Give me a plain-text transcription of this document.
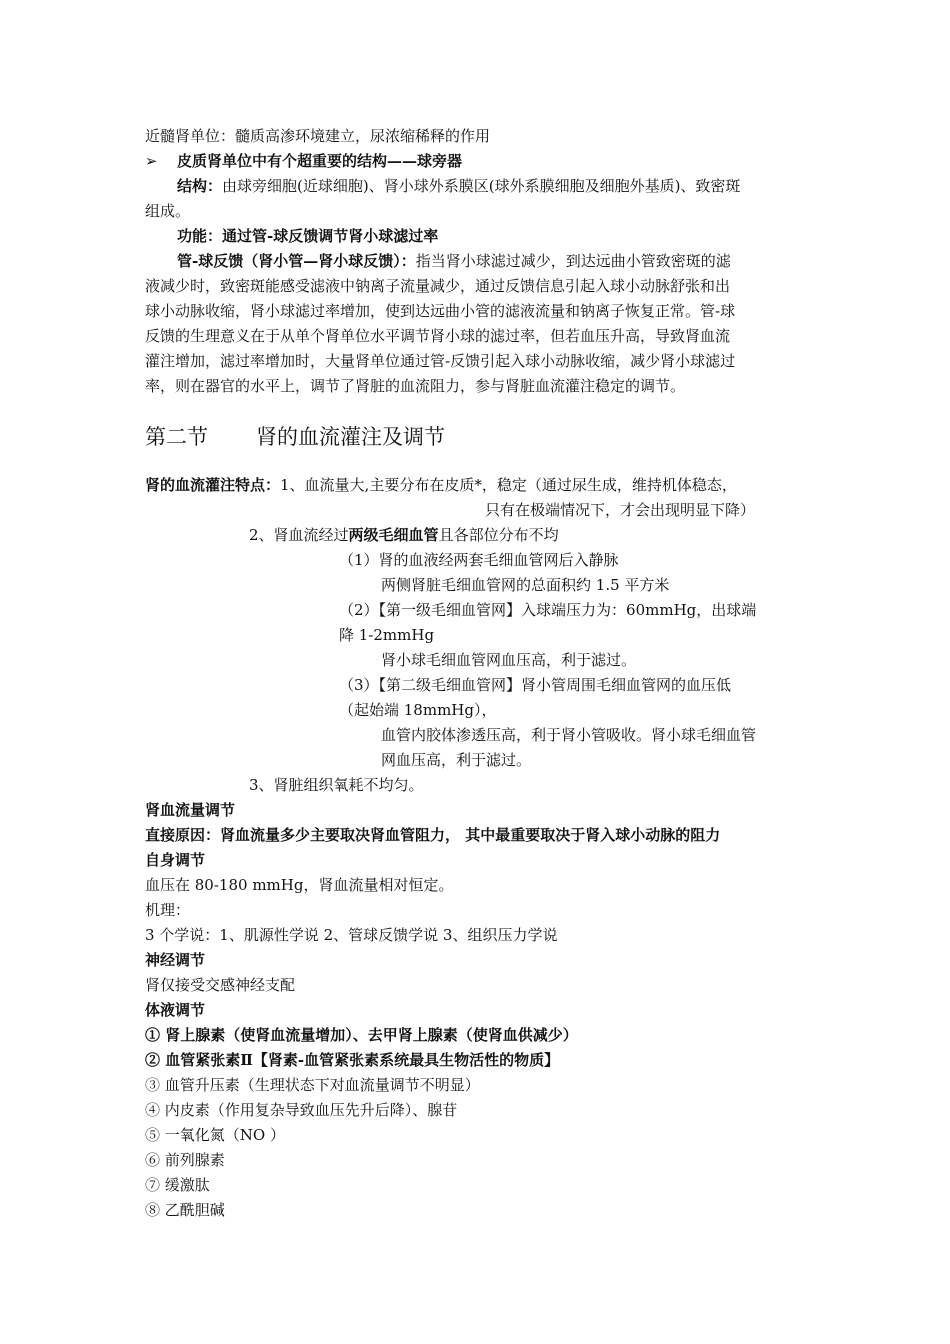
近髓肾单位：髓质高渗环境建立，尿浓缩稀释的作用
➢ 皮质肾单位中有个超重要的结构——球旁器
结构：由球旁细胞(近球细胞)、肾小球外系膜区(球外系膜细胞及细胞外基质)、致密斑
组成。
功能：通过管-球反馈调节肾小球滤过率
管-球反馈（肾小管—肾小球反馈）：指当肾小球滤过减少，到达远曲小管致密斑的滤
液减少时，致密斑能感受滤液中钠离子流量减少，通过反馈信息引起入球小动脉舒张和出
球小动脉收缩，肾小球滤过率增加，使到达远曲小管的滤液流量和钠离子恢复正常。管-球
反馈的生理意义在于从单个肾单位水平调节肾小球的滤过率，但若血压升高，导致肾血流
灌注增加，滤过率增加时，大量肾单位通过管-反馈引起入球小动脉收缩，减少肾小球滤过
率，则在器官的水平上，调节了肾脏的血流阻力，参与肾脏血流灌注稳定的调节。
第二节 肾的血流灌注及调节
肾的血流灌注特点：1、血流量大,主要分布在皮质*，稳定（通过尿生成，维持机体稳态，
只有在极端情况下，才会出现明显下降）
2、肾血流经过两级毛细血管且各部位分布不均
（1）肾的血液经两套毛细血管网后入静脉
两侧肾脏毛细血管网的总面积约 1.5 平方米
（2）【第一级毛细血管网】入球端压力为：60mmHg，出球端
降 1-2mmHg
肾小球毛细血管网血压高，利于滤过。
（3）【第二级毛细血管网】肾小管周围毛细血管网的血压低
（起始端 18mmHg），
血管内胶体渗透压高，利于肾小管吸收。肾小球毛细血管
网血压高，利于滤过。
3、肾脏组织氧耗不均匀。
肾血流量调节
直接原因：肾血流量多少主要取决肾血管阻力， 其中最重要取决于肾入球小动脉的阻力
自身调节
血压在 80-180 mmHg，肾血流量相对恒定。
机理：
3 个学说：1、肌源性学说 2、管球反馈学说 3、组织压力学说
神经调节
肾仅接受交感神经支配
体液调节
① 肾上腺素（使肾血流量增加）、去甲肾上腺素（使肾血供减少）
② 血管紧张素Ⅱ【肾素-血管紧张素系统最具生物活性的物质】
③ 血管升压素（生理状态下对血流量调节不明显）
④ 内皮素（作用复杂导致血压先升后降）、腺苷
⑤ 一氧化氮（NO ）
⑥ 前列腺素
⑦ 缓激肽
⑧ 乙酰胆碱
